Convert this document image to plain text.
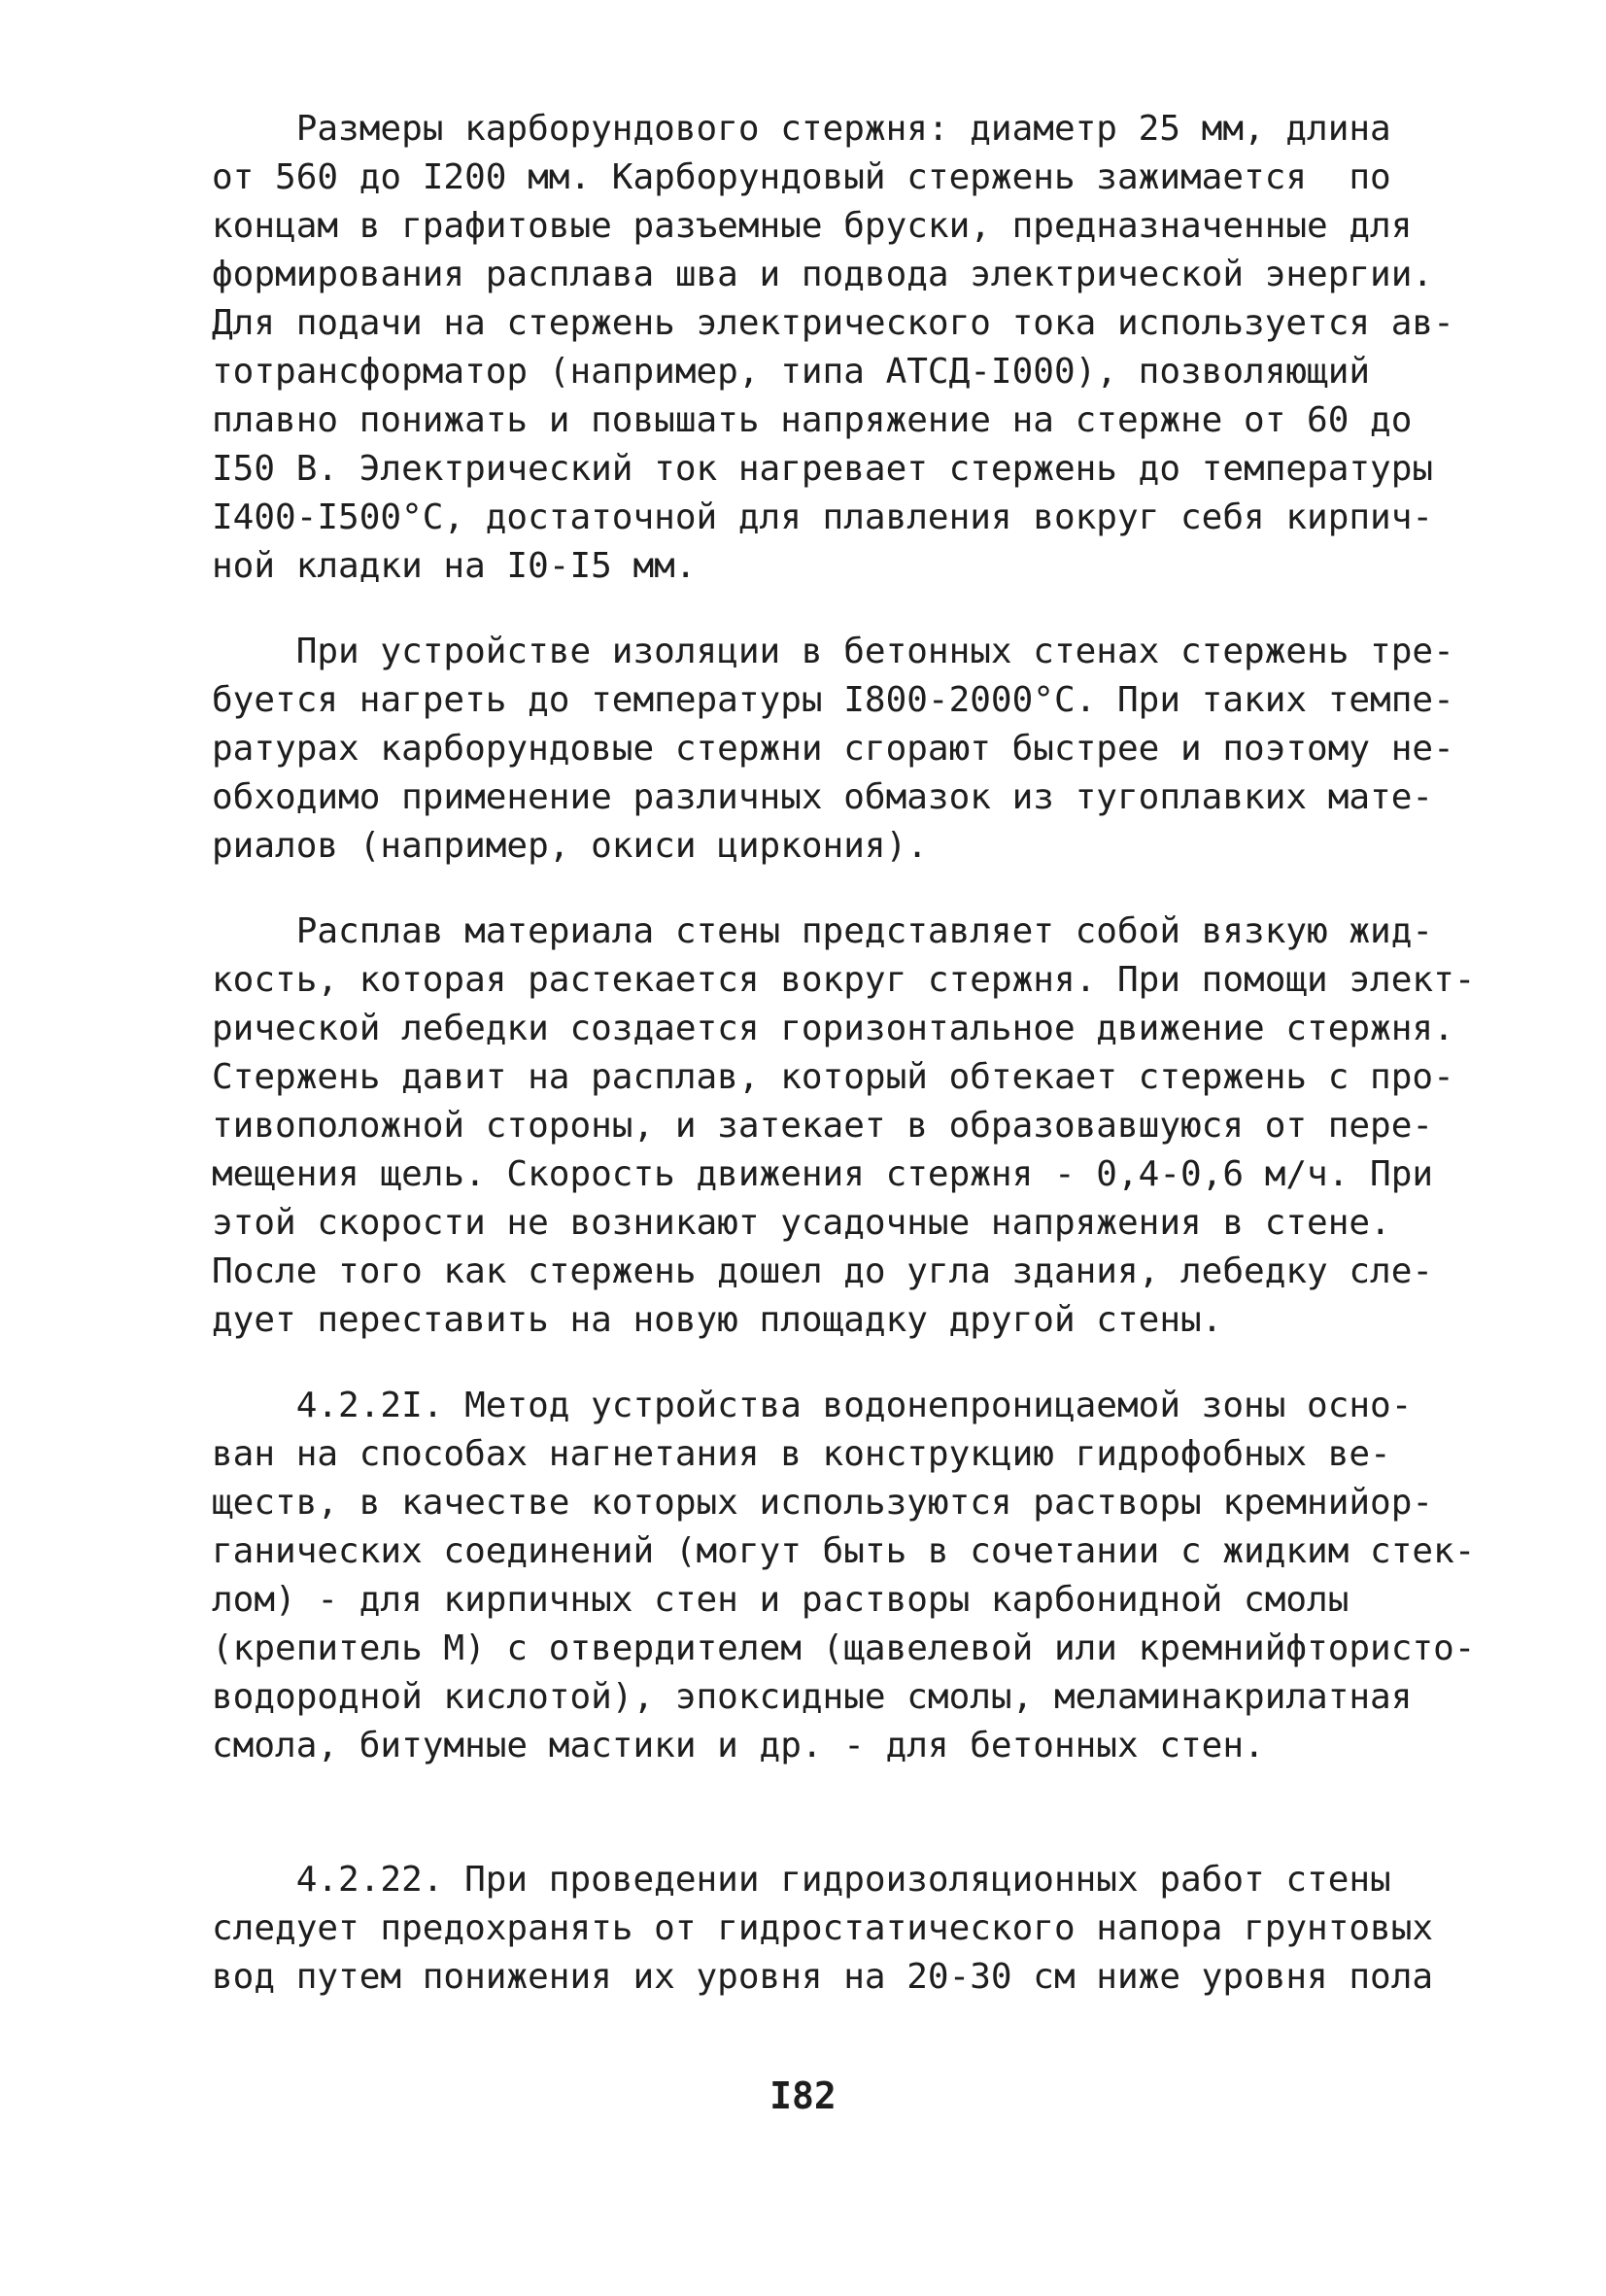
Размеры карборундового стержня: диаметр 25 мм, длина

от 560 до I200 мм. Карборундовый стержень зажимается  по

концам в графитовые разъемные бруски, предназначенные для

формирования расплава шва и подвода электрической энергии.

Для подачи на стержень электрического тока используется ав-

тотрансформатор (например, типа АТСД-I000), позволяющий

плавно понижать и повышать напряжение на стержне от 60 до

I50 В. Электрический ток нагревает стержень до температуры

I400-I500°С, достаточной для плавления вокруг себя кирпич-

ной кладки на I0-I5 мм.

При устройстве изоляции в бетонных стенах стержень тре-

буется нагреть до температуры I800-2000°С. При таких темпе-

ратурах карборундовые стержни сгорают быстрее и поэтому не-

обходимо применение различных обмазок из тугоплавких мате-

риалов (например, окиси циркония).

Расплав материала стены представляет собой вязкую жид-

кость, которая растекается вокруг стержня. При помощи элект-

рической лебедки создается горизонтальное движение стержня.

Стержень давит на расплав, который обтекает стержень с про-

тивоположной стороны, и затекает в образовавшуюся от пере-

мещения щель. Скорость движения стержня - 0,4-0,6 м/ч. При

этой скорости не возникают усадочные напряжения в стене.

После того как стержень дошел до угла здания, лебедку сле-

дует переставить на новую площадку другой стены.

4.2.2I. Метод устройства водонепроницаемой зоны осно-

ван на способах нагнетания в конструкцию гидрофобных ве-

ществ, в качестве которых используются растворы кремнийор-

ганических соединений (могут быть в сочетании с жидким стек-

лом) - для кирпичных стен и растворы карбонидной смолы

(крепитель М) с отвердителем (щавелевой или кремнийфтористо-

водородной кислотой), эпоксидные смолы, меламинакрилатная

смола, битумные мастики и др. - для бетонных стен.

4.2.22. При проведении гидроизоляционных работ стены

следует предохранять от гидростатического напора грунтовых

вод путем понижения их уровня на 20-30 см ниже уровня пола

I82
